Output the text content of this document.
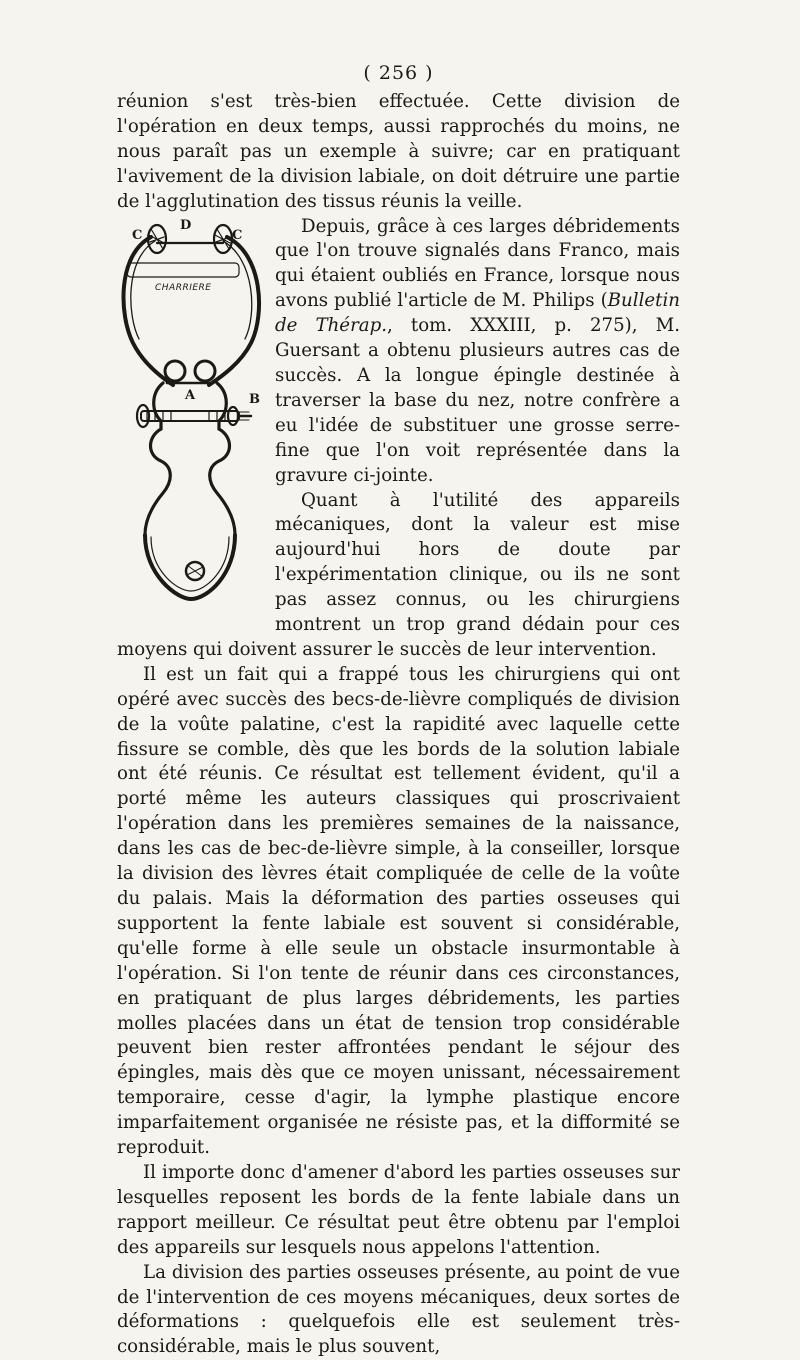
( 256 )

réunion s'est très-bien effectuée. Cette division de l'opération en deux temps, aussi rapprochés du moins, ne nous paraît pas un exemple à suivre; car en pratiquant l'avivement de la division labiale, on doit détruire une partie de l'agglutination des tissus réunis la veille.

C
D
C
A	B
CHARRIERE

Depuis, grâce à ces larges débridements que l'on trouve signalés dans Franco, mais qui étaient oubliés en France, lorsque nous avons publié l'article de M. Philips (Bulletin de Thérap., tom. XXXIII, p. 275), M. Guersant a obtenu plusieurs autres cas de succès. A la longue épingle destinée à traverser la base du nez, notre confrère a eu l'idée de substituer une grosse serre-fine que l'on voit représentée dans la gravure ci-jointe.

Quant à l'utilité des appareils mécaniques, dont la valeur est mise aujourd'hui hors de doute par l'expérimentation clinique, ou ils ne sont pas assez connus, ou les chirurgiens montrent un trop grand dédain pour ces moyens qui doivent assurer le succès de leur intervention.

Il est un fait qui a frappé tous les chirurgiens qui ont opéré avec succès des becs-de-lièvre compliqués de division de la voûte palatine, c'est la rapidité avec laquelle cette fissure se comble, dès que les bords de la solution labiale ont été réunis. Ce résultat est tellement évident, qu'il a porté même les auteurs classiques qui proscrivaient l'opération dans les premières semaines de la naissance, dans les cas de bec-de-lièvre simple, à la conseiller, lorsque la division des lèvres était compliquée de celle de la voûte du palais. Mais la déformation des parties osseuses qui supportent la fente labiale est souvent si considérable, qu'elle forme à elle seule un obstacle insurmontable à l'opération. Si l'on tente de réunir dans ces circonstances, en pratiquant de plus larges débridements, les parties molles placées dans un état de tension trop considérable peuvent bien rester affrontées pendant le séjour des épingles, mais dès que ce moyen unissant, nécessairement temporaire, cesse d'agir, la lymphe plastique encore imparfaitement organisée ne résiste pas, et la difformité se reproduit.

Il importe donc d'amener d'abord les parties osseuses sur lesquelles reposent les bords de la fente labiale dans un rapport meilleur. Ce résultat peut être obtenu par l'emploi des appareils sur lesquels nous appelons l'attention.

La division des parties osseuses présente, au point de vue de l'intervention de ces moyens mécaniques, deux sortes de déformations : quelquefois elle est seulement très-considérable, mais le plus souvent,
